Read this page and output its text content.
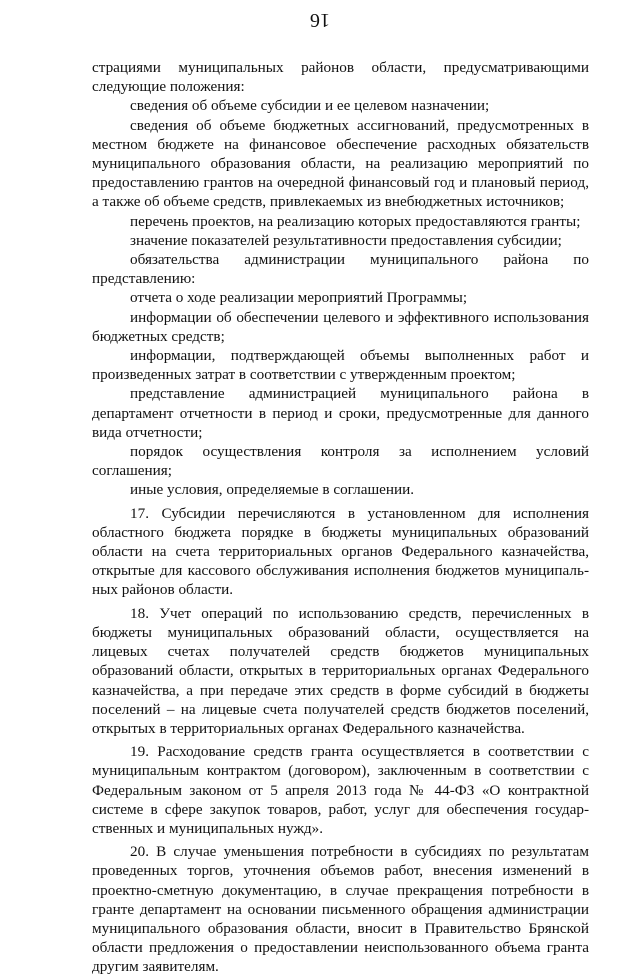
16

страциями муниципальных районов области, предусматривающими следующие положения:

сведения об объеме субсидии и ее целевом назначении;

сведения об объеме бюджетных ассигнований, предусмотренных в местном бюджете на финансовое обеспечение расходных обязательств муниципального образования области, на реализацию мероприятий по предоставлению грантов на очередной финансовый год и плановый период, а также об объеме средств, привлекаемых из внебюджетных источников;

перечень проектов, на реализацию которых предоставляются гранты;

значение показателей результативности предоставления субсидии;

обязательства администрации муниципального района по представлению:

отчета о ходе реализации мероприятий Программы;

информации об обеспечении целевого и эффективного использования бюджетных средств;

информации, подтверждающей объемы выполненных работ и произведенных затрат в соответствии с утвержденным проектом;

представление администрацией муниципального района в департамент отчетности в период и сроки, предусмотренные для данного вида отчетности;

порядок осуществления контроля за исполнением условий соглашения;

иные условия, определяемые в соглашении.

17. Субсидии перечисляются в установленном для исполнения областного бюджета порядке в бюджеты муниципальных образований области на счета территориальных органов Федерального казначейства, открытые для кассового обслуживания исполнения бюджетов муниципальных районов области.

18. Учет операций по использованию средств, перечисленных в бюджеты муниципальных образований области, осуществляется на лицевых счетах получателей средств бюджетов муниципальных образований области, открытых в территориальных органах Федерального казначейства, а при передаче этих средств в форме субсидий в бюджеты поселений – на лицевые счета получателей средств бюджетов поселений, открытых в территориальных органах Федерального казначейства.

19. Расходование средств гранта осуществляется в соответствии с муниципальным контрактом (договором), заключенным в соответствии с Федеральным законом от 5 апреля 2013 года № 44-ФЗ «О контрактной системе в сфере закупок товаров, работ, услуг для обеспечения государственных и муниципальных нужд».

20. В случае уменьшения потребности в субсидиях по результатам проведенных торгов, уточнения объемов работ, внесения изменений в проектно-сметную документацию, в случае прекращения потребности в гранте департамент на основании письменного обращения администрации муниципального образования области, вносит в Правительство Брянской области предложения о предоставлении неиспользованного объема гранта другим заявителям.
